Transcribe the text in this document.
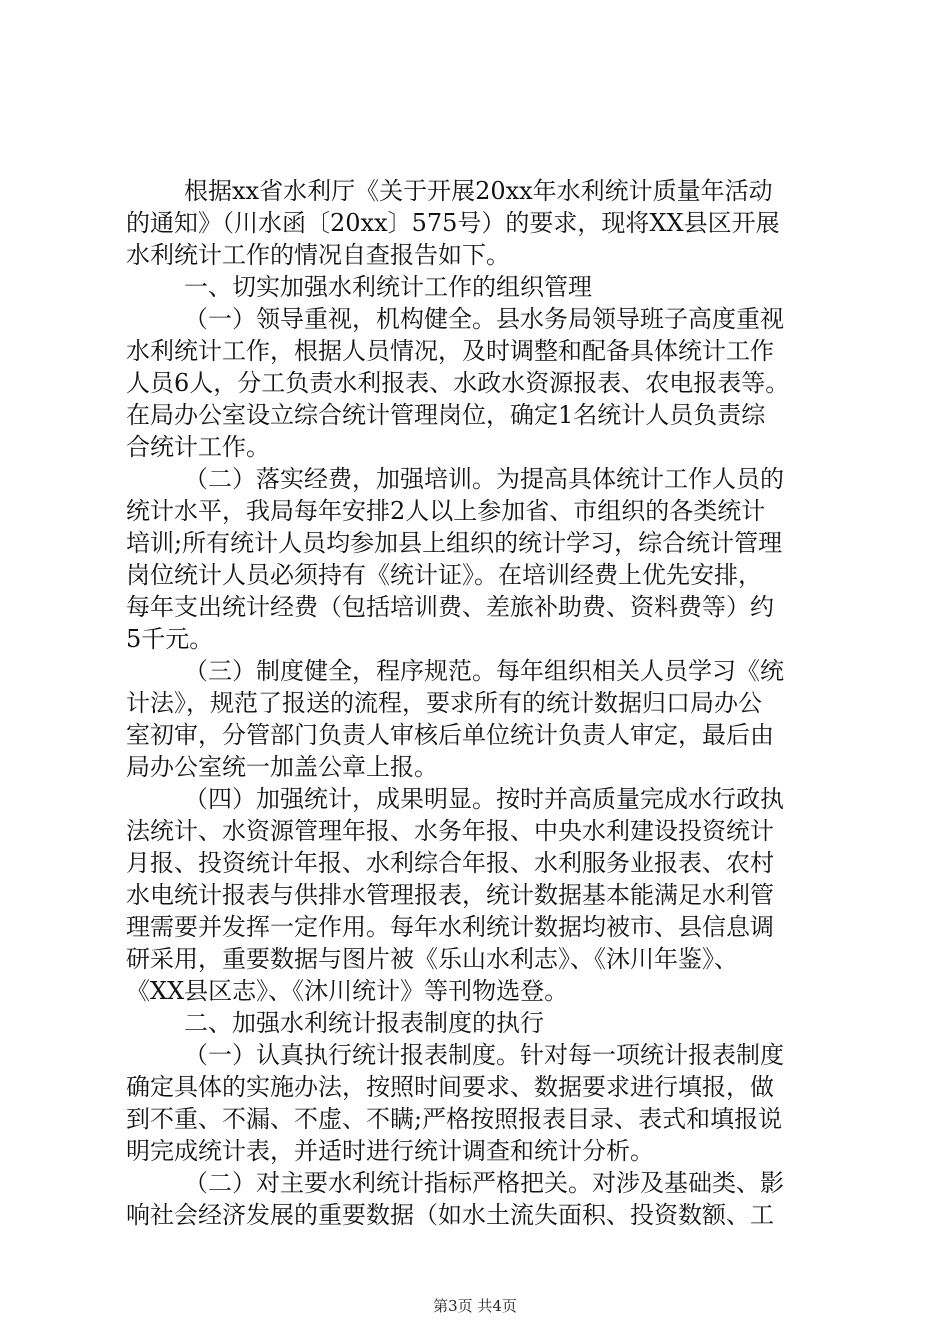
根据xx省水利厅《关于开展20xx年水利统计质量年活动
的通知》（川水函〔20xx〕575号）的要求，现将XX县区开展
水利统计工作的情况自查报告如下。
一、切实加强水利统计工作的组织管理
（一）领导重视，机构健全。县水务局领导班子高度重视
水利统计工作，根据人员情况，及时调整和配备具体统计工作
人员6人，分工负责水利报表、水政水资源报表、农电报表等。
在局办公室设立综合统计管理岗位，确定1名统计人员负责综
合统计工作。
（二）落实经费，加强培训。为提高具体统计工作人员的
统计水平，我局每年安排2人以上参加省、市组织的各类统计
培训;所有统计人员均参加县上组织的统计学习，综合统计管理
岗位统计人员必须持有《统计证》。在培训经费上优先安排，
每年支出统计经费（包括培训费、差旅补助费、资料费等）约
5千元。
（三）制度健全，程序规范。每年组织相关人员学习《统
计法》，规范了报送的流程，要求所有的统计数据归口局办公
室初审，分管部门负责人审核后单位统计负责人审定，最后由
局办公室统一加盖公章上报。
（四）加强统计，成果明显。按时并高质量完成水行政执
法统计、水资源管理年报、水务年报、中央水利建设投资统计
月报、投资统计年报、水利综合年报、水利服务业报表、农村
水电统计报表与供排水管理报表，统计数据基本能满足水利管
理需要并发挥一定作用。每年水利统计数据均被市、县信息调
研采用，重要数据与图片被《乐山水利志》、《沐川年鉴》、
《XX县区志》、《沐川统计》等刊物选登。
二、加强水利统计报表制度的执行
（一）认真执行统计报表制度。针对每一项统计报表制度
确定具体的实施办法，按照时间要求、数据要求进行填报，做
到不重、不漏、不虚、不瞒;严格按照报表目录、表式和填报说
明完成统计表，并适时进行统计调查和统计分析。
（二）对主要水利统计指标严格把关。对涉及基础类、影
响社会经济发展的重要数据（如水土流失面积、投资数额、工
第3页 共4页
